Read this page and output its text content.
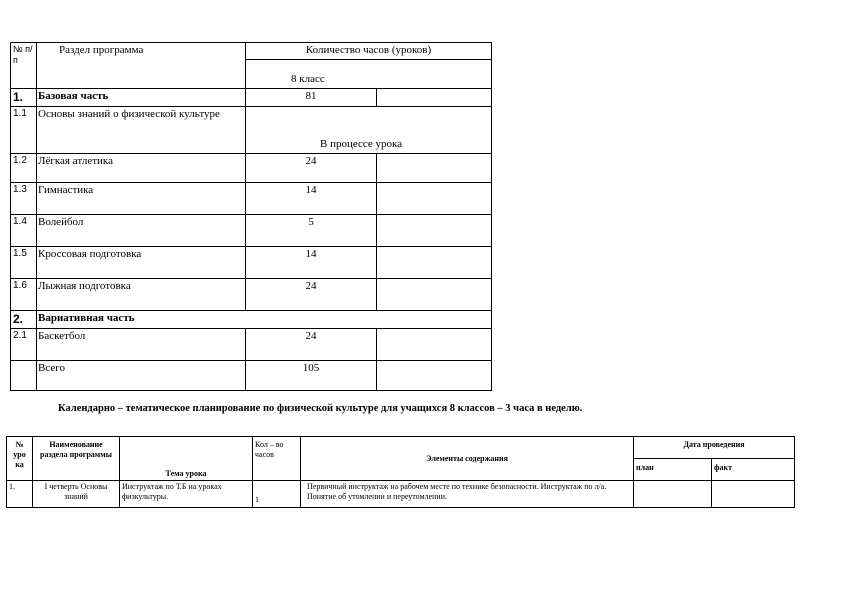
№ п/п	Раздел программа	Количество часов (уроков)	
		8 класс	
1.	Базовая часть	81	
1.1	Основы знаний о физической культуре	В процессе урока	
1.2	Лёгкая атлетика	24	
1.3	Гимнастика	14	
1.4	Волейбол	5	
1.5	Кроссовая подготовка	14	
1.6	Лыжная подготовка	24	
2.	Вариативная часть		
2.1	Баскетбол	24	
	Всего	105	
Календарно – тематическое планирование по физической культуре для учащихся 8 классов – 3 часа в неделю.
№ уро ка	Наименование раздела программы	Тема урока	Кол – во часов	Элементы содержания	Дата проведения	
					план	факт
1.	I четверть Основы знаний	Инструктаж по Т.Б на уроках физкультуры.	1	Первичный инструктаж на рабочем месте по технике безопасности. Инструктаж по л/а. Понятие об утомлении и переутомлении.		
